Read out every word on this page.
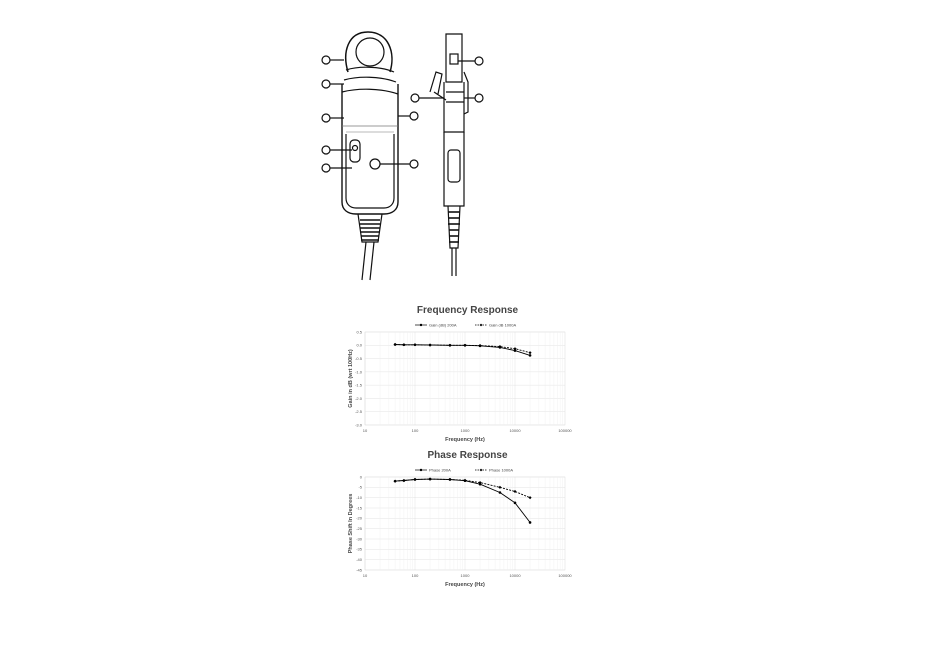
Frequency Response
0.5
0.0
-0.5
-1.0
-1.5
-2.0
-2.5
-3.0
10	100	1000	10000	100000
Frequency (Hz)
Gain in dB (wrt 100Hz)
Gain (dB) 200A	Gain dB 1000A
Phase Response
0
-5
-10
-15
-20
-25
-30
-35
-40
-45
10	100	1000	10000	100000
Frequency (Hz)
Phase Shift In Degrees
Phase 200A	Phase 1000A
